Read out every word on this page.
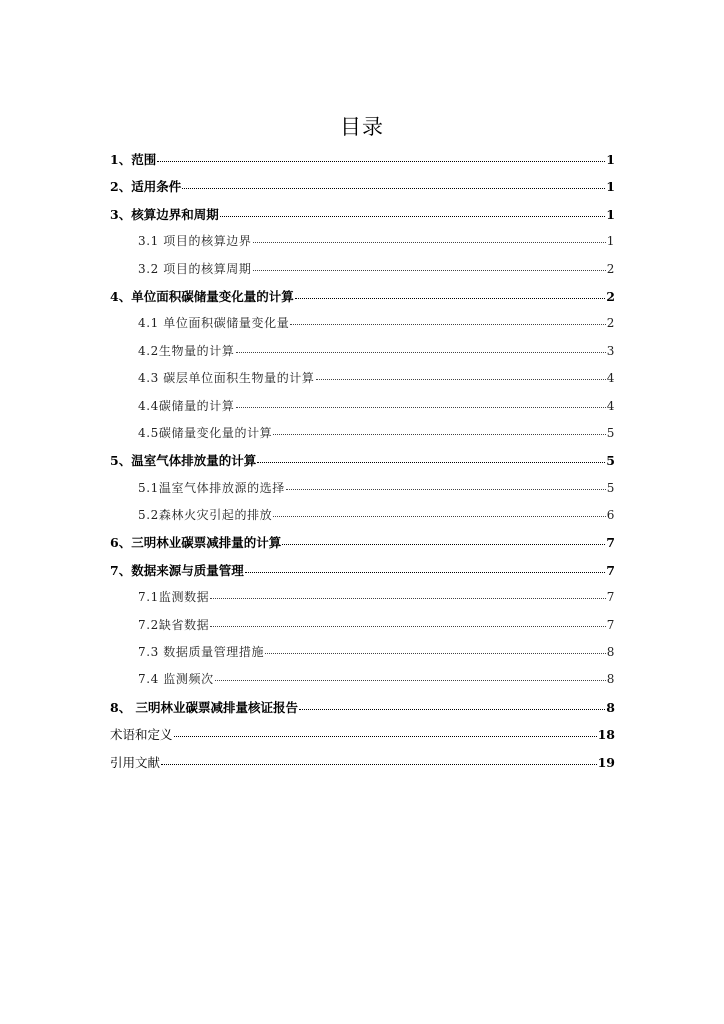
目录
1、范围	1
2、适用条件	1
3、核算边界和周期	1
3.1 项目的核算边界	1
3.2 项目的核算周期	2
4、单位面积碳储量变化量的计算	2
4.1 单位面积碳储量变化量	2
4.2生物量的计算	3
4.3 碳层单位面积生物量的计算	4
4.4碳储量的计算	4
4.5碳储量变化量的计算	5
5、温室气体排放量的计算	5
5.1温室气体排放源的选择	5
5.2森林火灾引起的排放	6
6、三明林业碳票减排量的计算	7
7、数据来源与质量管理	7
7.1监测数据	7
7.2缺省数据	7
7.3 数据质量管理措施	8
7.4 监测频次	8
8、 三明林业碳票减排量核证报告	8
术语和定义	18
引用文献	19
